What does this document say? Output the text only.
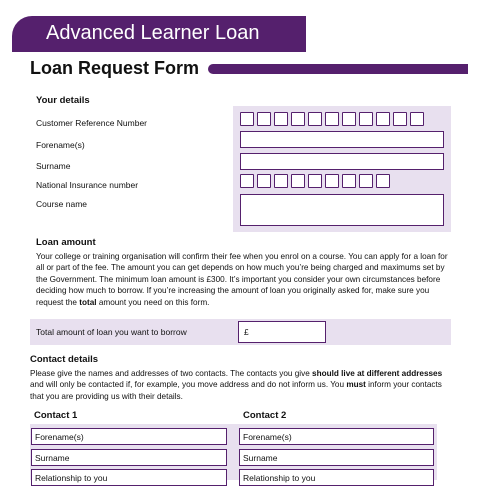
Advanced Learner Loan
Loan Request Form
Your details
Customer Reference Number
Forename(s)
Surname
National Insurance number
Course name
Loan amount
Your college or training organisation will confirm their fee when you enrol on a course. You can apply for a loan for all or part of the fee. The amount you can get depends on how much you’re being charged and maximums set by the Government. The minimum loan amount is £300. It’s important you consider your own circumstances before deciding how much to borrow. If you’re increasing the amount of loan you originally asked for, make sure you request the total amount you need on this form.
Total amount of loan you want to borrow	£
Contact details
Please give the names and addresses of two contacts. The contacts you give should live at different addresses and will only be contacted if, for example, you move address and do not inform us. You must inform your contacts that you are providing us with their details.
Contact 1	Contact 2
Forename(s)	Forename(s)
Surname	Surname
Relationship to you	Relationship to you
